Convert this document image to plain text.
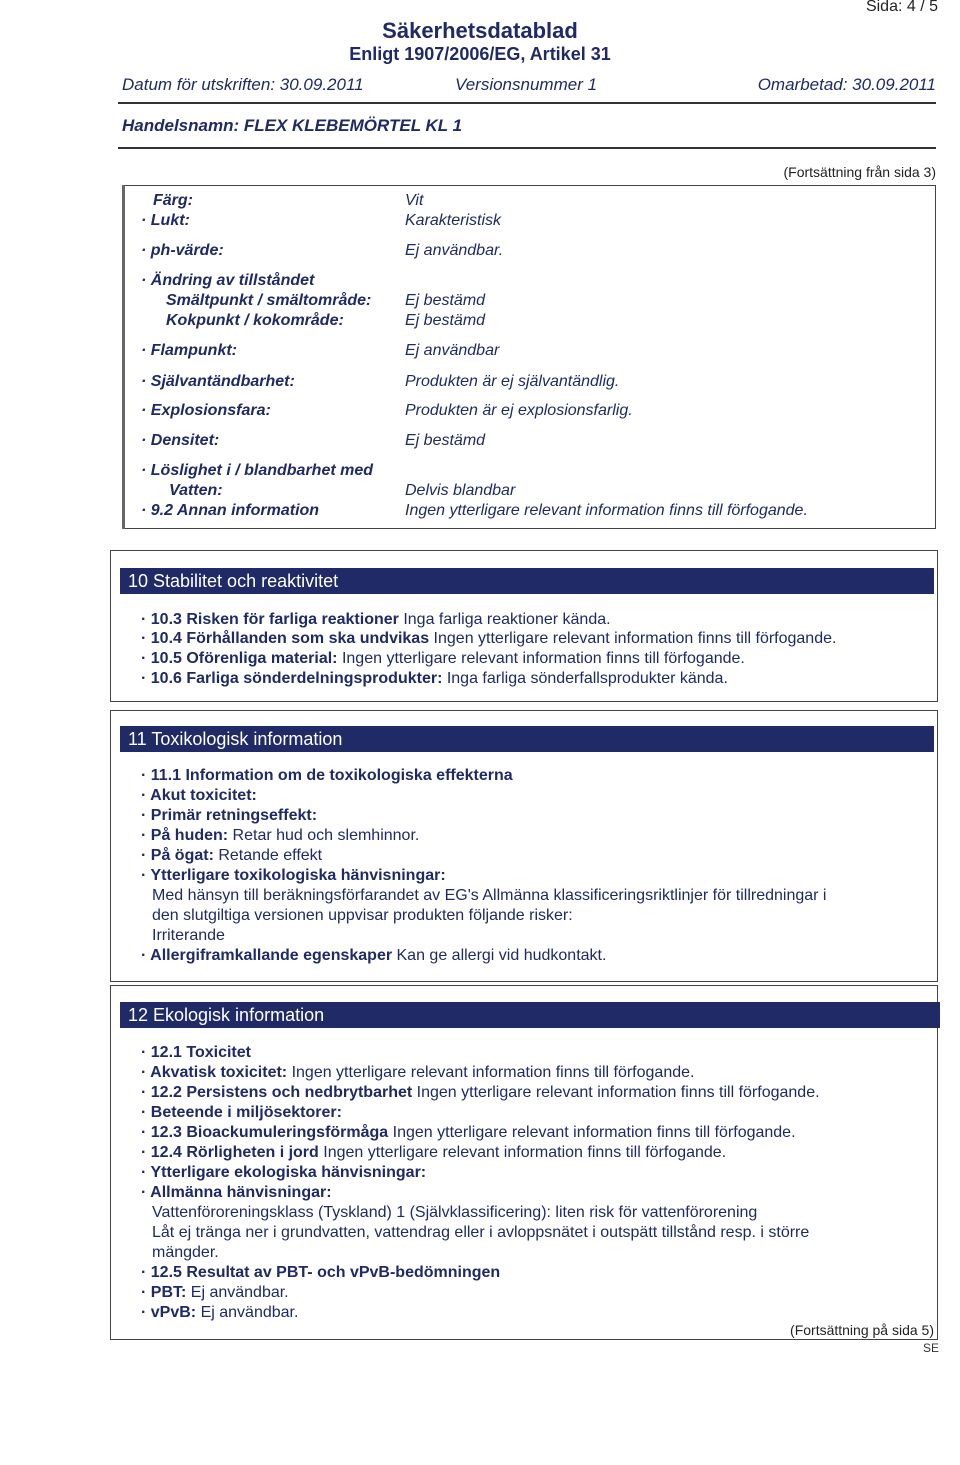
Sida: 4 / 5
Säkerhetsdatablad
Enligt 1907/2006/EG, Artikel 31
Datum för utskriften: 30.09.2011	Versionsnummer 1	Omarbetad: 30.09.2011
Handelsnamn: FLEX KLEBEMÖRTEL KL 1
(Fortsättning från sida 3)
Färg:	Vit
· Lukt:	Karakteristisk
· ph-värde:	Ej användbar.
· Ändring av tillståndet
Smältpunkt / smältområde: Ej bestämd
Kokpunkt / kokområde:	Ej bestämd
· Flampunkt:	Ej användbar
· Självantändbarhet:	Produkten är ej självantändlig.
· Explosionsfara:	Produkten är ej explosionsfarlig.
· Densitet:	Ej bestämd
· Löslighet i / blandbarhet med
Vatten:	Delvis blandbar
· 9.2 Annan information	Ingen ytterligare relevant information finns till förfogande.
10 Stabilitet och reaktivitet
· 10.3 Risken för farliga reaktioner Inga farliga reaktioner kända.
· 10.4 Förhållanden som ska undvikas Ingen ytterligare relevant information finns till förfogande.
· 10.5 Oförenliga material: Ingen ytterligare relevant information finns till förfogande.
· 10.6 Farliga sönderdelningsprodukter: Inga farliga sönderfallsprodukter kända.
11 Toxikologisk information
· 11.1 Information om de toxikologiska effekterna
· Akut toxicitet:
· Primär retningseffekt:
· På huden: Retar hud och slemhinnor.
· På ögat: Retande effekt
· Ytterligare toxikologiska hänvisningar:
Med hänsyn till beräkningsförfarandet av EG's Allmänna klassificeringsriktlinjer för tillredningar i
den slutgiltiga versionen uppvisar produkten följande risker:
Irriterande
· Allergiframkallande egenskaper Kan ge allergi vid hudkontakt.
12 Ekologisk information
· 12.1 Toxicitet
· Akvatisk toxicitet: Ingen ytterligare relevant information finns till förfogande.
· 12.2 Persistens och nedbrytbarhet Ingen ytterligare relevant information finns till förfogande.
· Beteende i miljösektorer:
· 12.3 Bioackumuleringsförmåga Ingen ytterligare relevant information finns till förfogande.
· 12.4 Rörligheten i jord Ingen ytterligare relevant information finns till förfogande.
· Ytterligare ekologiska hänvisningar:
· Allmänna hänvisningar:
Vattenföroreningsklass (Tyskland) 1 (Självklassificering): liten risk för vattenförorening
Låt ej tränga ner i grundvatten, vattendrag eller i avloppsnätet i outspätt tillstånd resp. i större
mängder.
· 12.5 Resultat av PBT- och vPvB-bedömningen
· PBT: Ej användbar.
· vPvB: Ej användbar.
(Fortsättning på sida 5)
SE
